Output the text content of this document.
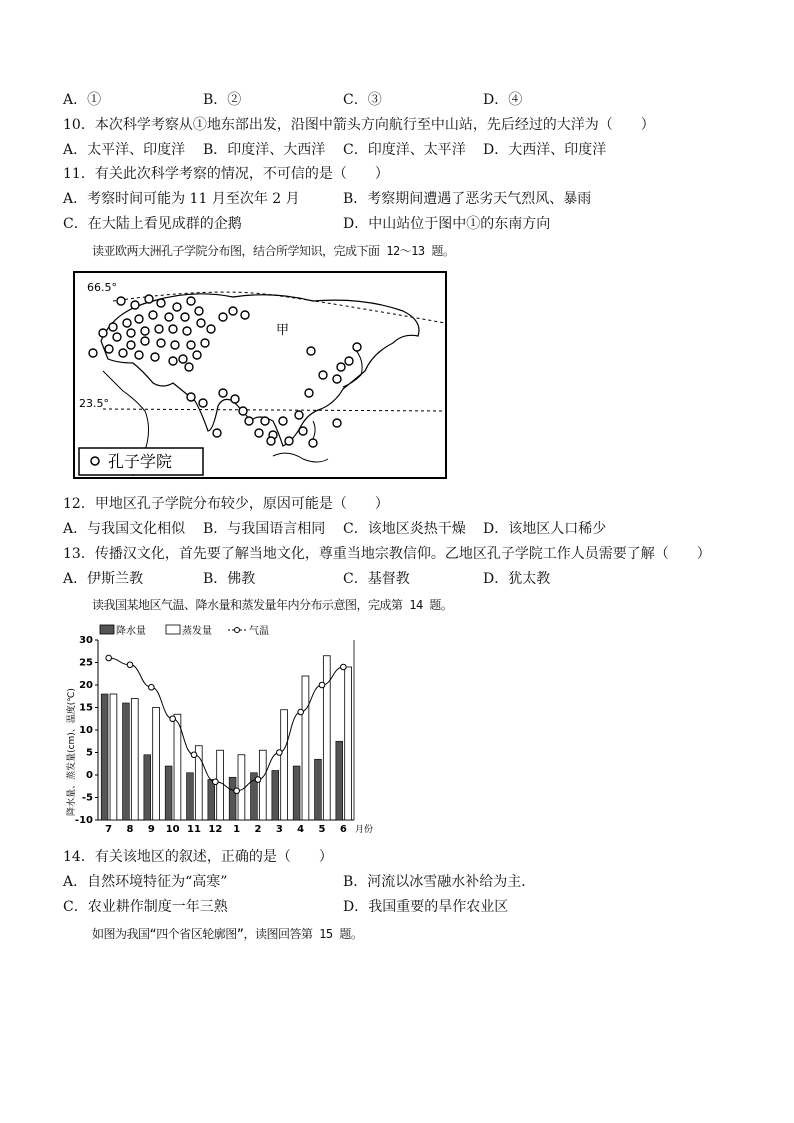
A．①	B．②	C．③	D．④
10．本次科学考察从①地东部出发，沿图中箭头方向航行至中山站，先后经过的大洋为（　　）
A．太平洋、印度洋 B．印度洋、大西洋 C．印度洋、太平洋 D．大西洋、印度洋
11．有关此次科学考察的情况，不可信的是（　　）
A．考察时间可能为 11 月至次年 2 月	B．考察期间遭遇了恶劣天气烈风、暴雨
C．在大陆上看见成群的企鹅	D．中山站位于图中①的东南方向
读亚欧两大洲孔子学院分布图，结合所学知识，完成下面 12～13 题。
66.5°
23.5°
甲
孔子学院
12．甲地区孔子学院分布较少，原因可能是（　　）
A．与我国文化相似 B．与我国语言相同 C．该地区炎热干燥 D．该地区人口稀少
13．传播汉文化，首先要了解当地文化，尊重当地宗教信仰。乙地区孔子学院工作人员需要了解（　　）
A．伊斯兰教	B．佛教	C．基督教	D．犹太教
读我国某地区气温、降水量和蒸发量年内分布示意图，完成第 14 题。
降水量	蒸发量	气温
降水量、蒸发量(cm)、温度(℃)
-10
-5
0
5
10
15
20
25
30
7 8 9 10 11 12 1 2 3 4 5 6 月份
14．有关该地区的叙述，正确的是（　　）
A．自然环境特征为“高寒”	B．河流以冰雪融水补给为主．
C．农业耕作制度一年三熟	D．我国重要的旱作农业区
如图为我国“四个省区轮廓图”，读图回答第 15 题。
